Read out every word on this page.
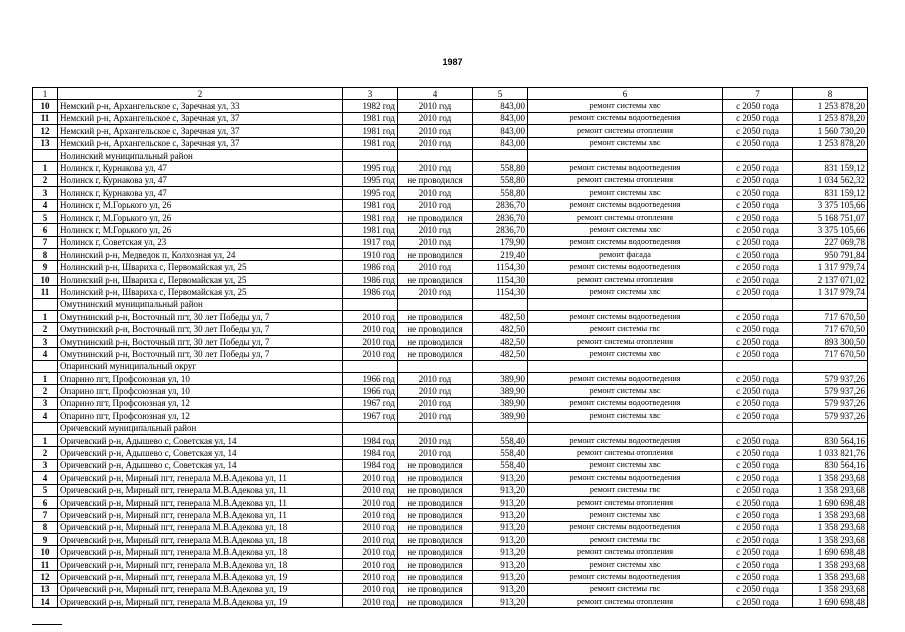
1987
1	2	3	4	5	6	7	8
10	Немский р-н, Архангельское с, Заречная ул, 33	1982 год	2010 год	843,00	ремонт системы хвс	с 2050 года	1 253 878,20
11	Немский р-н, Архангельское с, Заречная ул, 37	1981 год	2010 год	843,00	ремонт системы водоотведения	с 2050 года	1 253 878,20
12	Немский р-н, Архангельское с, Заречная ул, 37	1981 год	2010 год	843,00	ремонт системы отопления	с 2050 года	1 560 730,20
13	Немский р-н, Архангельское с, Заречная ул, 37	1981 год	2010 год	843,00	ремонт системы хвс	с 2050 года	1 253 878,20
	Нолинский муниципальный район						
1	Нолинск г, Курнакова ул, 47	1995 год	2010 год	558,80	ремонт системы водоотведения	с 2050 года	831 159,12
2	Нолинск г, Курнакова ул, 47	1995 год	не проводился	558,80	ремонт системы отопления	с 2050 года	1 034 562,32
3	Нолинск г, Курнакова ул, 47	1995 год	2010 год	558,80	ремонт системы хвс	с 2050 года	831 159,12
4	Нолинск г, М.Горького ул, 26	1981 год	2010 год	2836,70	ремонт системы водоотведения	с 2050 года	3 375 105,66
5	Нолинск г, М.Горького ул, 26	1981 год	не проводился	2836,70	ремонт системы отопления	с 2050 года	5 168 751,07
6	Нолинск г, М.Горького ул, 26	1981 год	2010 год	2836,70	ремонт системы хвс	с 2050 года	3 375 105,66
7	Нолинск г, Советская ул, 23	1917 год	2010 год	179,90	ремонт системы водоотведения	с 2050 года	227 069,78
8	Нолинский р-н, Медведок п, Колхозная ул, 24	1910 год	не проводился	219,40	ремонт фасада	с 2050 года	950 791,84
9	Нолинский р-н, Шварихa с, Первомайская ул, 25	1986 год	2010 год	1154,30	ремонт системы водоотведения	с 2050 года	1 317 979,74
10	Нолинский р-н, Шварихa с, Первомайская ул, 25	1986 год	не проводился	1154,30	ремонт системы отопления	с 2050 года	2 137 071,02
11	Нолинский р-н, Шварихa с, Первомайская ул, 25	1986 год	2010 год	1154,30	ремонт системы хвс	с 2050 года	1 317 979,74
	Омутнинский муниципальный район						
1	Омутнинский р-н, Восточный пгт, 30 лет Победы ул, 7	2010 год	не проводился	482,50	ремонт системы водоотведения	с 2050 года	717 670,50
2	Омутнинский р-н, Восточный пгт, 30 лет Победы ул, 7	2010 год	не проводился	482,50	ремонт системы гвс	с 2050 года	717 670,50
3	Омутнинский р-н, Восточный пгт, 30 лет Победы ул, 7	2010 год	не проводился	482,50	ремонт системы отопления	с 2050 года	893 300,50
4	Омутнинский р-н, Восточный пгт, 30 лет Победы ул, 7	2010 год	не проводился	482,50	ремонт системы хвс	с 2050 года	717 670,50
	Опаринский муниципальный округ						
1	Опарино пгт, Профсоюзная ул, 10	1966 год	2010 год	389,90	ремонт системы водоотведения	с 2050 года	579 937,26
2	Опарино пгт, Профсоюзная ул, 10	1966 год	2010 год	389,90	ремонт системы хвс	с 2050 года	579 937,26
3	Опарино пгт, Профсоюзная ул, 12	1967 год	2010 год	389,90	ремонт системы водоотведения	с 2050 года	579 937,26
4	Опарино пгт, Профсоюзная ул, 12	1967 год	2010 год	389,90	ремонт системы хвс	с 2050 года	579 937,26
	Оричевский муниципальный район						
1	Оричевский р-н, Адышево с, Советская ул, 14	1984 год	2010 год	558,40	ремонт системы водоотведения	с 2050 года	830 564,16
2	Оричевский р-н, Адышево с, Советская ул, 14	1984 год	2010 год	558,40	ремонт системы отопления	с 2050 года	1 033 821,76
3	Оричевский р-н, Адышево с, Советская ул, 14	1984 год	не проводился	558,40	ремонт системы хвс	с 2050 года	830 564,16
4	Оричевский р-н, Мирный пгт, генерала М.В.Адекова ул, 11	2010 год	не проводился	913,20	ремонт системы водоотведения	с 2050 года	1 358 293,68
5	Оричевский р-н, Мирный пгт, генерала М.В.Адекова ул, 11	2010 год	не проводился	913,20	ремонт системы гвс	с 2050 года	1 358 293,68
6	Оричевский р-н, Мирный пгт, генерала М.В.Адекова ул, 11	2010 год	не проводился	913,20	ремонт системы отопления	с 2050 года	1 690 698,48
7	Оричевский р-н, Мирный пгт, генерала М.В.Адекова ул, 11	2010 год	не проводился	913,20	ремонт системы хвс	с 2050 года	1 358 293,68
8	Оричевский р-н, Мирный пгт, генерала М.В.Адекова ул, 18	2010 год	не проводился	913,20	ремонт системы водоотведения	с 2050 года	1 358 293,68
9	Оричевский р-н, Мирный пгт, генерала М.В.Адекова ул, 18	2010 год	не проводился	913,20	ремонт системы гвс	с 2050 года	1 358 293,68
10	Оричевский р-н, Мирный пгт, генерала М.В.Адекова ул, 18	2010 год	не проводился	913,20	ремонт системы отопления	с 2050 года	1 690 698,48
11	Оричевский р-н, Мирный пгт, генерала М.В.Адекова ул, 18	2010 год	не проводился	913,20	ремонт системы хвс	с 2050 года	1 358 293,68
12	Оричевский р-н, Мирный пгт, генерала М.В.Адекова ул, 19	2010 год	не проводился	913,20	ремонт системы водоотведения	с 2050 года	1 358 293,68
13	Оричевский р-н, Мирный пгт, генерала М.В.Адекова ул, 19	2010 год	не проводился	913,20	ремонт системы гвс	с 2050 года	1 358 293,68
14	Оричевский р-н, Мирный пгт, генерала М.В.Адекова ул, 19	2010 год	не проводился	913,20	ремонт системы отопления	с 2050 года	1 690 698,48
